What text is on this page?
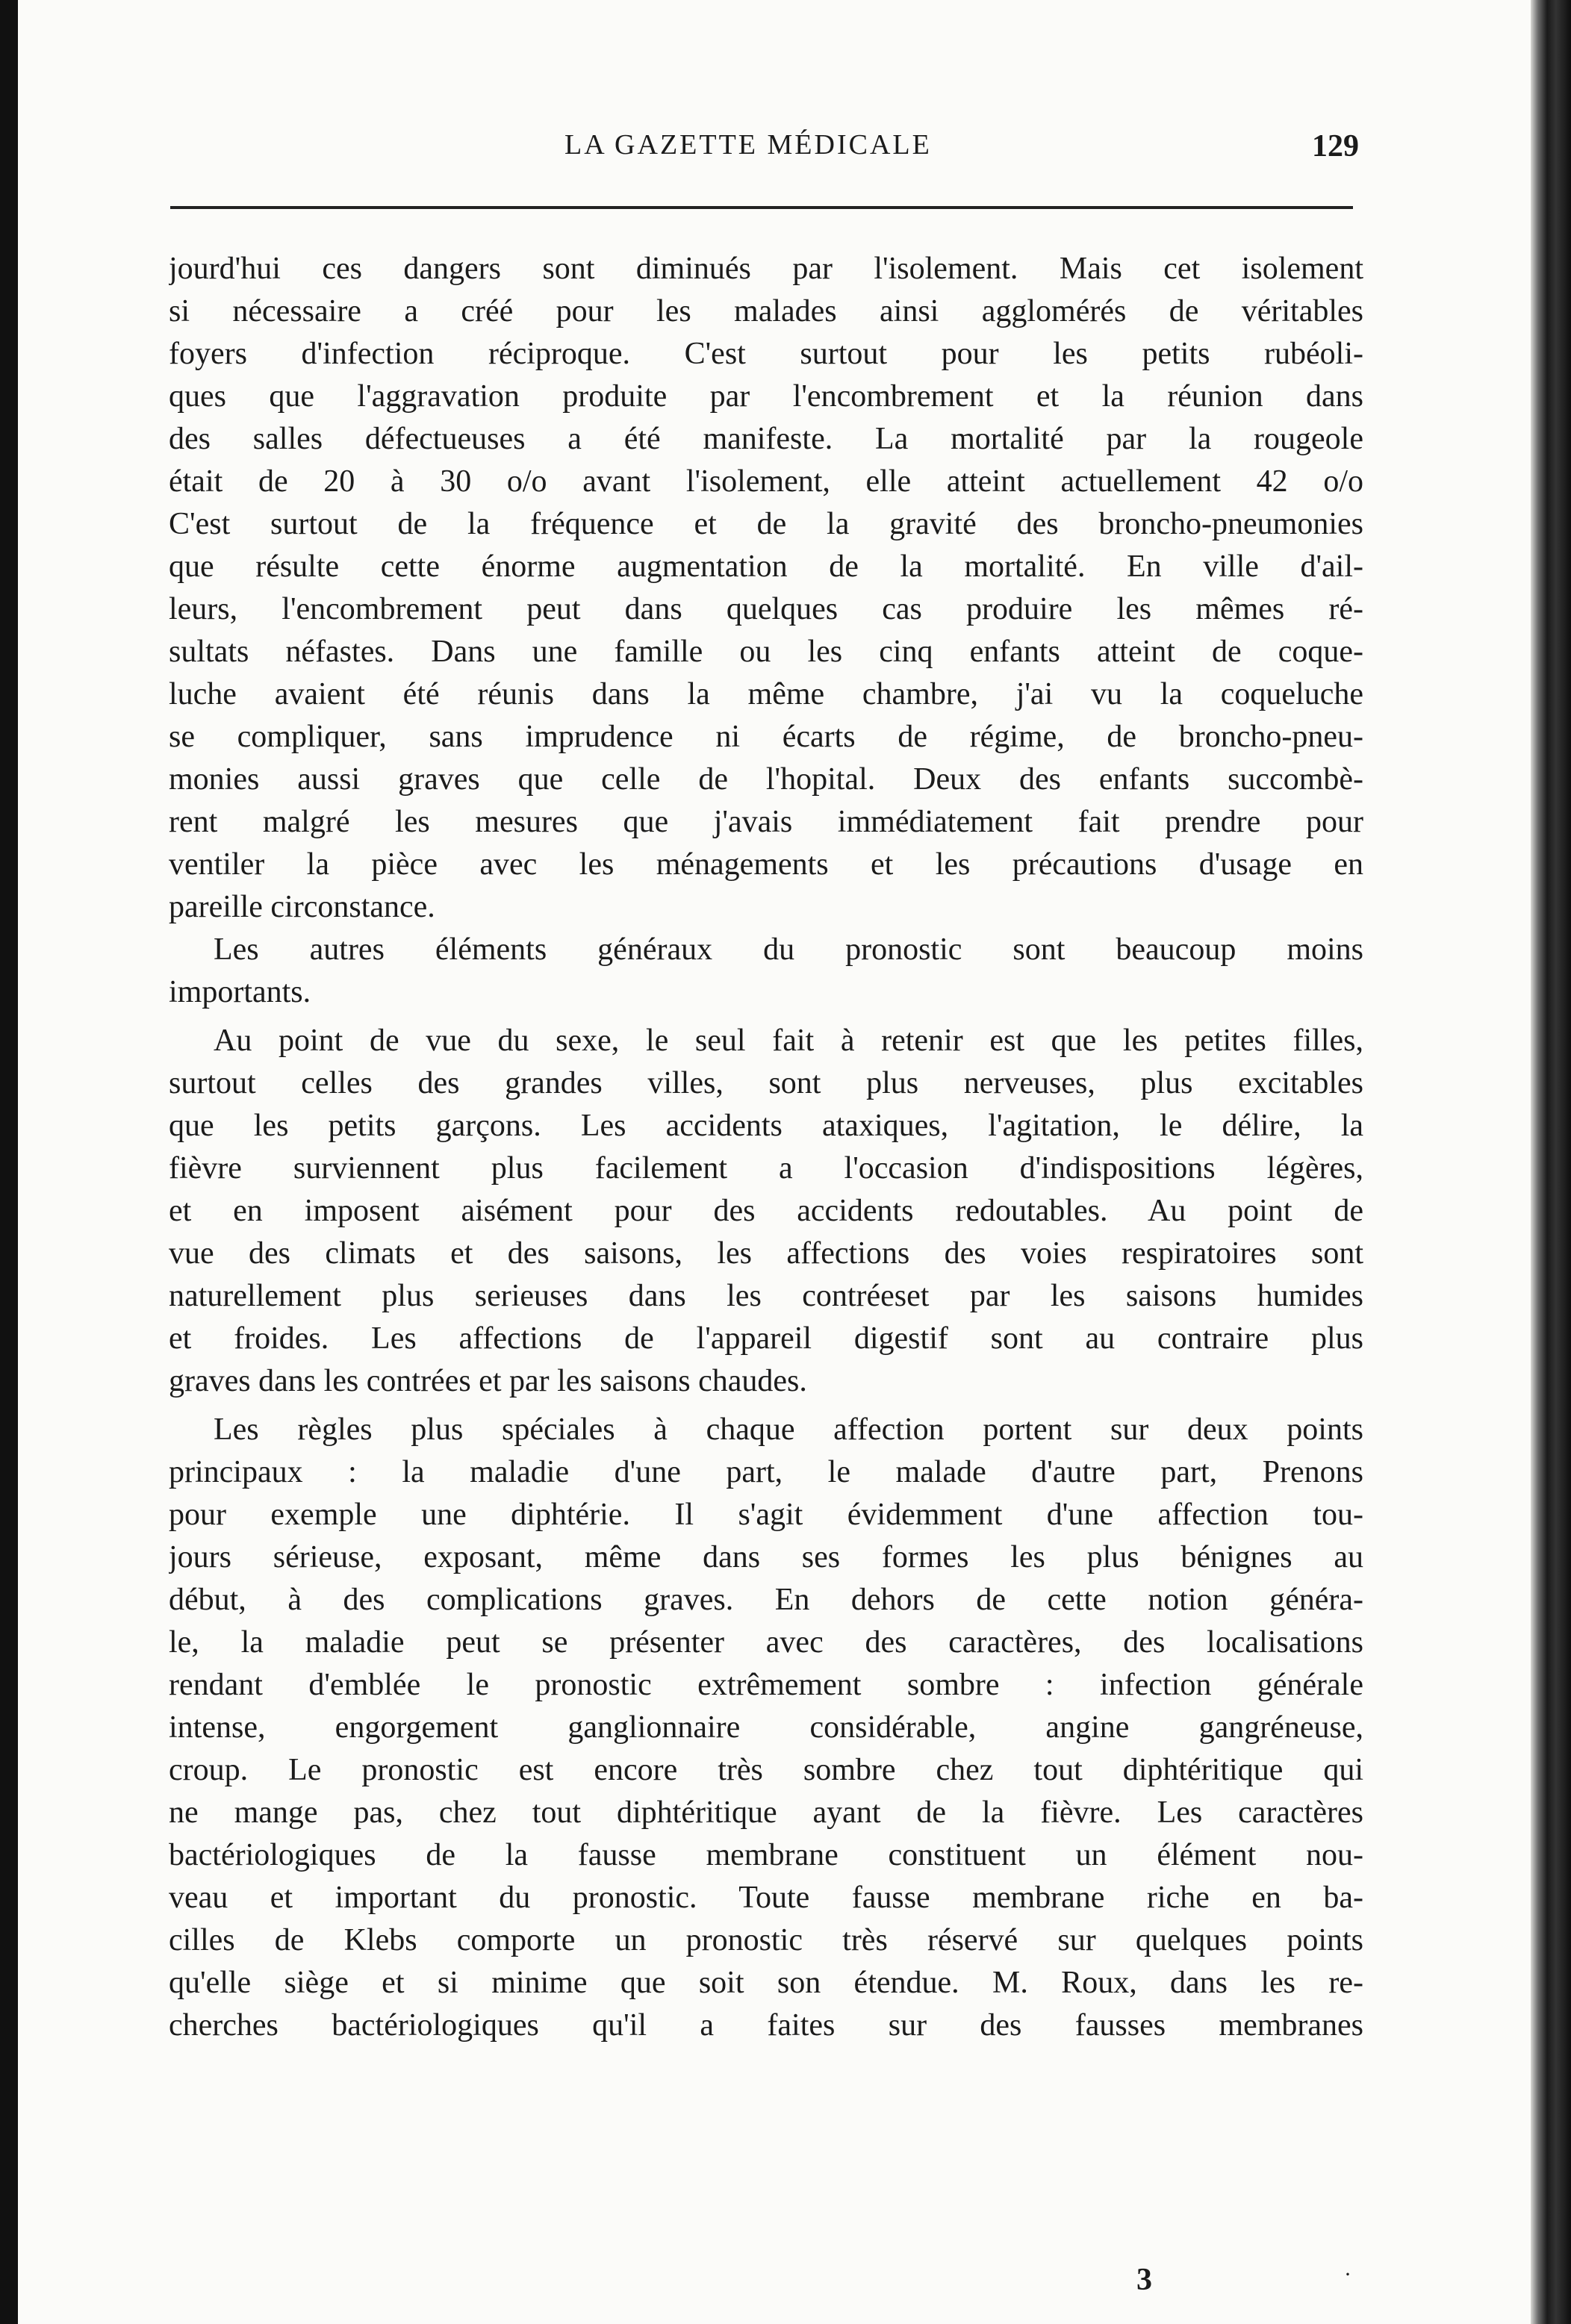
LA GAZETTE MÉDICALE	129
jourd'hui ces dangers sont diminués par l'isolement. Mais cet isolement
si nécessaire a créé pour les malades ainsi agglomérés de véritables
foyers d'infection réciproque. C'est surtout pour les petits rubéoli-
ques que l'aggravation produite par l'encombrement et la réunion dans
des salles défectueuses a été manifeste. La mortalité par la rougeole
était de 20 à 30 o/o avant l'isolement, elle atteint actuellement 42 o/o
C'est surtout de la fréquence et de la gravité des broncho-pneumonies
que résulte cette énorme augmentation de la mortalité. En ville d'ail-
leurs, l'encombrement peut dans quelques cas produire les mêmes ré-
sultats néfastes. Dans une famille ou les cinq enfants atteint de coque-
luche avaient été réunis dans la même chambre, j'ai vu la coqueluche
se compliquer, sans imprudence ni écarts de régime, de broncho-pneu-
monies aussi graves que celle de l'hopital. Deux des enfants succombè-
rent malgré les mesures que j'avais immédiatement fait prendre pour
ventiler la pièce avec les ménagements et les précautions d'usage en
pareille circonstance.
Les autres éléments généraux du pronostic sont beaucoup moins
importants.
Au point de vue du sexe, le seul fait à retenir est que les petites filles,
surtout celles des grandes villes, sont plus nerveuses, plus excitables
que les petits garçons. Les accidents ataxiques, l'agitation, le délire, la
fièvre surviennent plus facilement a l'occasion d'indispositions légères,
et en imposent aisément pour des accidents redoutables. Au point de
vue des climats et des saisons, les affections des voies respiratoires sont
naturellement plus serieuses dans les contréeset par les saisons humides
et froides. Les affections de l'appareil digestif sont au contraire plus
graves dans les contrées et par les saisons chaudes.
Les règles plus spéciales à chaque affection portent sur deux points
principaux : la maladie d'une part, le malade d'autre part, Prenons
pour exemple une diphtérie. Il s'agit évidemment d'une affection tou-
jours sérieuse, exposant, même dans ses formes les plus bénignes au
début, à des complications graves. En dehors de cette notion généra-
le, la maladie peut se présenter avec des caractères, des localisations
rendant d'emblée le pronostic extrêmement sombre : infection générale
intense, engorgement ganglionnaire considérable, angine gangréneuse,
croup. Le pronostic est encore très sombre chez tout diphtéritique qui
ne mange pas, chez tout diphtéritique ayant de la fièvre. Les caractères
bactériologiques de la fausse membrane constituent un élément nou-
veau et important du pronostic. Toute fausse membrane riche en ba-
cilles de Klebs comporte un pronostic très réservé sur quelques points
qu'elle siège et si minime que soit son étendue. M. Roux, dans les re-
cherches bactériologiques qu'il a faites sur des fausses membranes
3	·
